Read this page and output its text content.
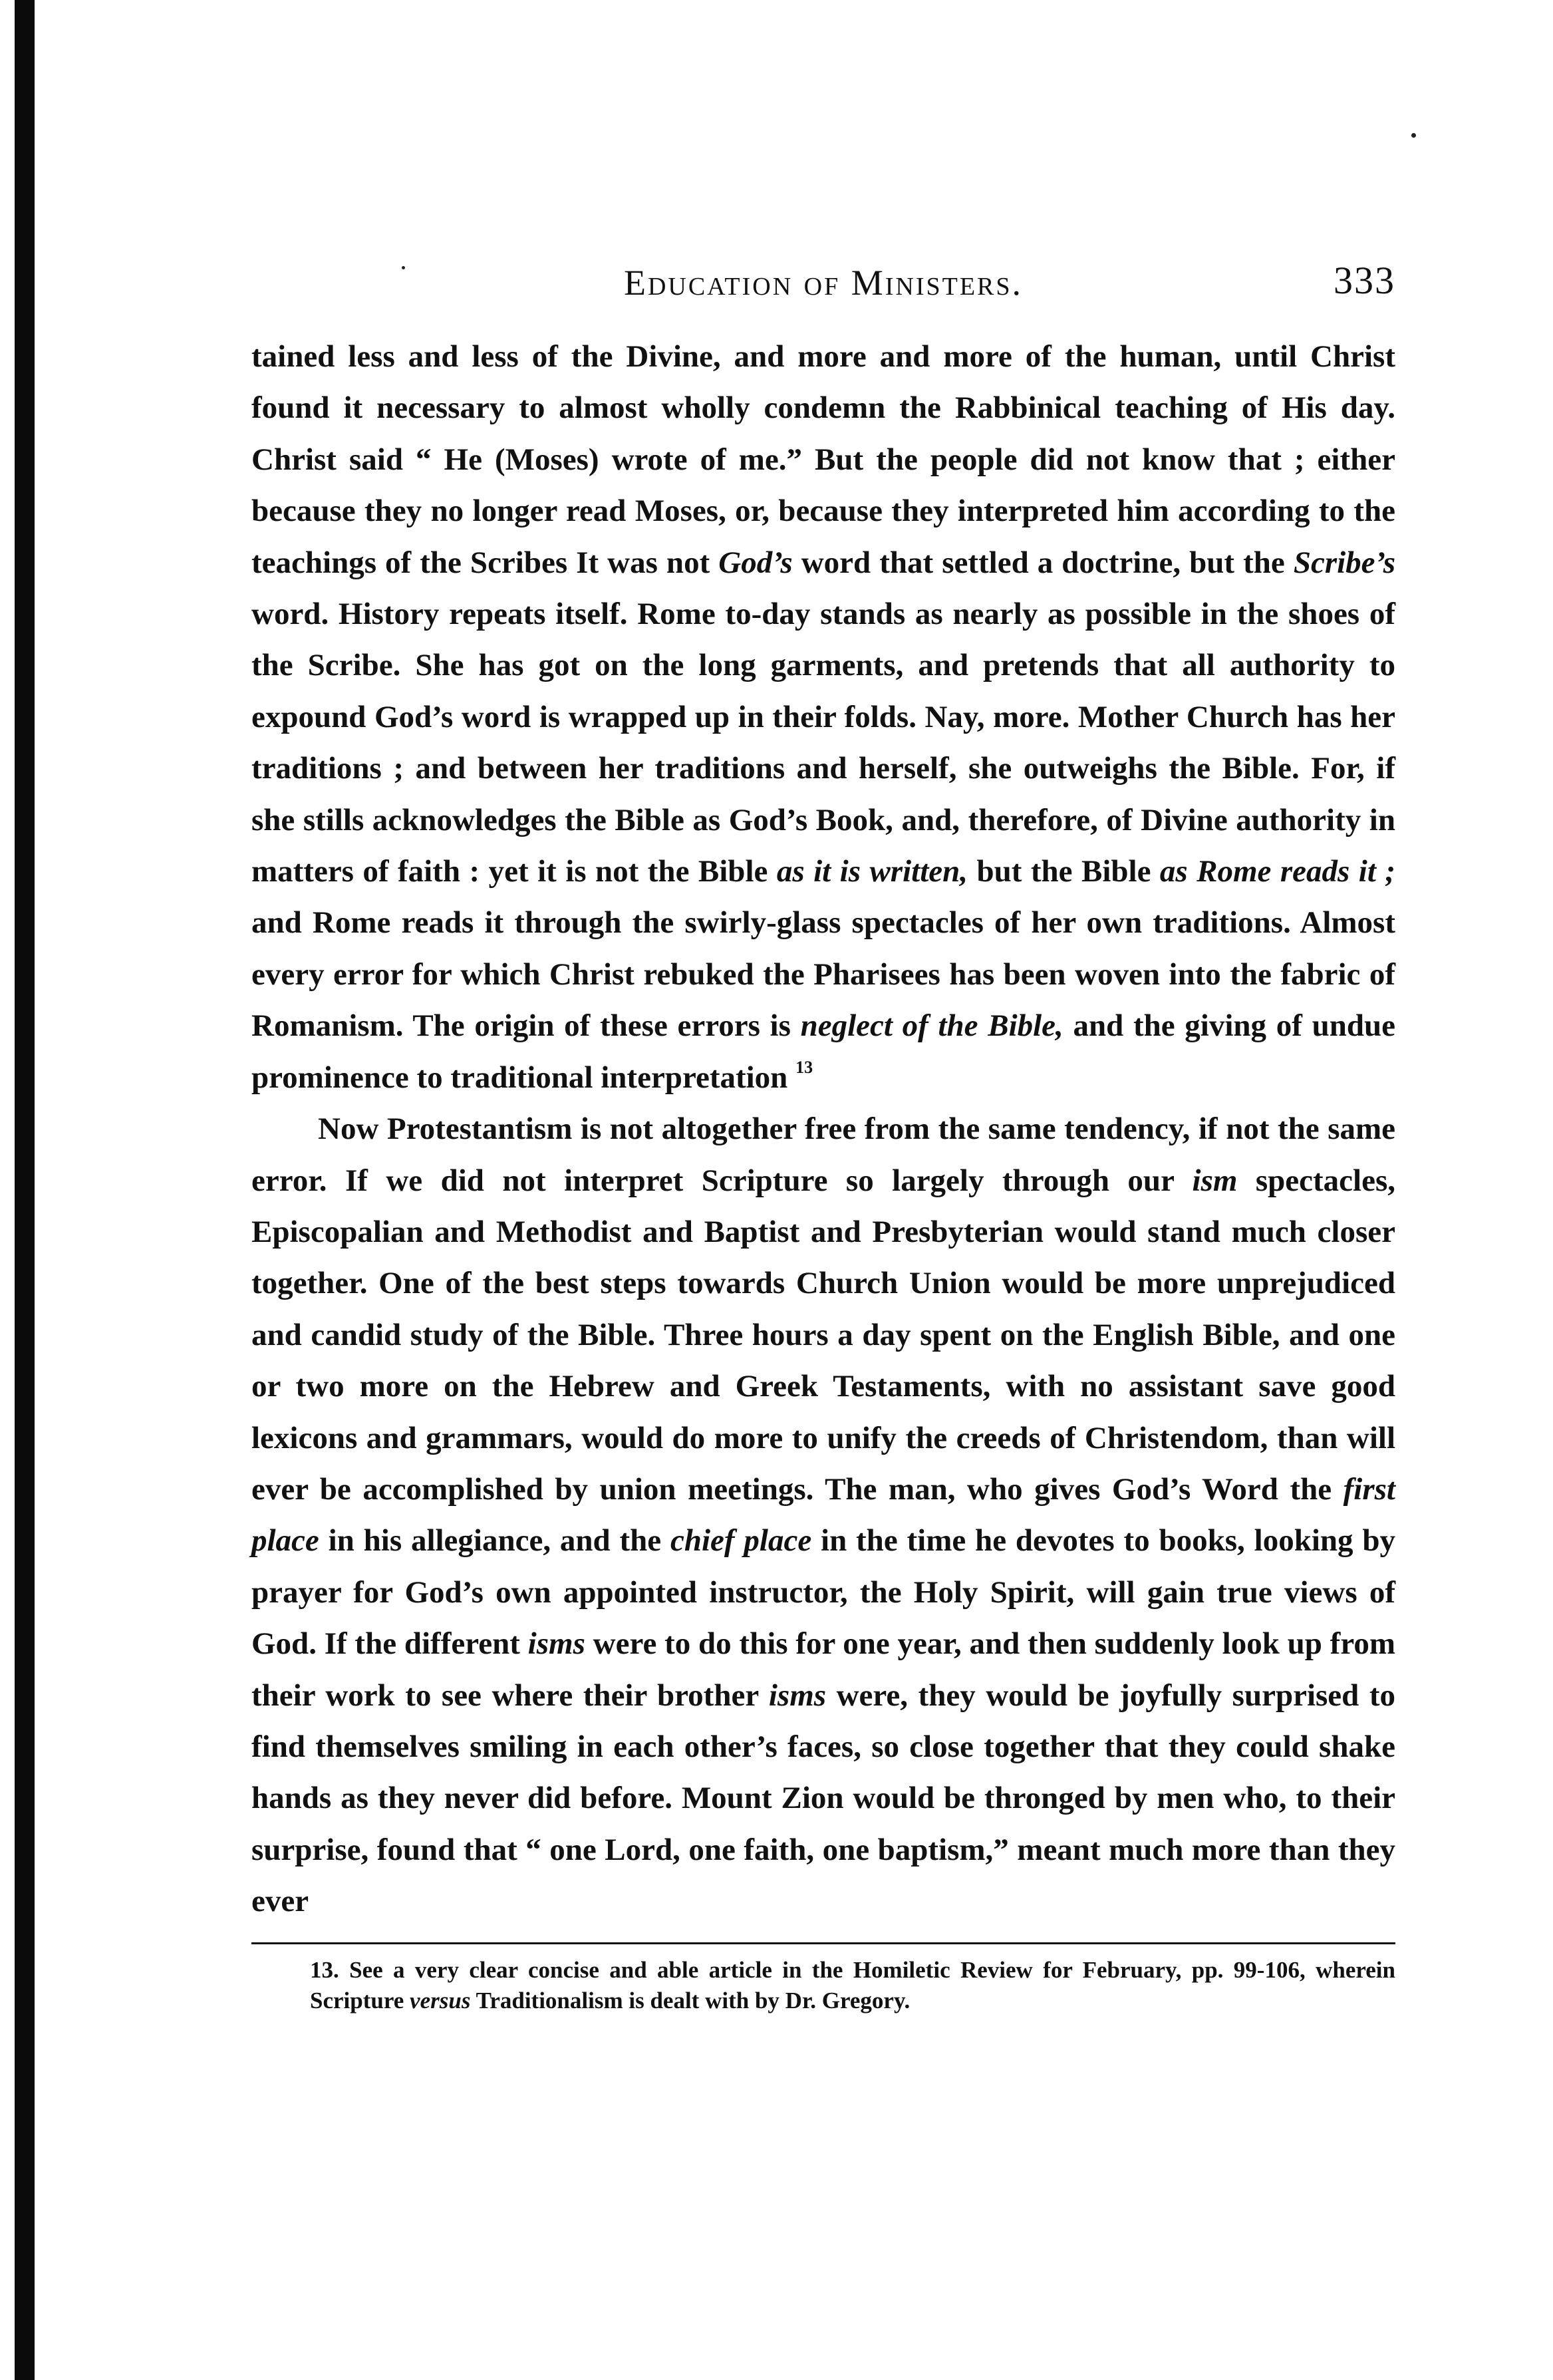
Education of Ministers.	333

tained less and less of the Divine, and more and more of the human, until Christ found it necessary to almost wholly condemn the Rabbinical teaching of His day. Christ said “ He (Moses) wrote of me.” But the people did not know that ; either because they no longer read Moses, or, because they interpreted him according to the teachings of the Scribes It was not God’s word that settled a doctrine, but the Scribe’s word. History repeats itself. Rome to-day stands as nearly as possible in the shoes of the Scribe. She has got on the long garments, and pretends that all authority to expound God’s word is wrapped up in their folds. Nay, more. Mother Church has her traditions ; and between her traditions and herself, she outweighs the Bible. For, if she stills acknowledges the Bible as God’s Book, and, therefore, of Divine authority in matters of faith : yet it is not the Bible as it is written, but the Bible as Rome reads it ; and Rome reads it through the swirly-glass spectacles of her own traditions. Almost every error for which Christ rebuked the Pharisees has been woven into the fabric of Romanism. The origin of these errors is neglect of the Bible, and the giving of undue prominence to traditional interpretation $^{13}$

Now Protestantism is not altogether free from the same tendency, if not the same error. If we did not interpret Scripture so largely through our ism spectacles, Episcopalian and Methodist and Baptist and Presbyterian would stand much closer together. One of the best steps towards Church Union would be more unprejudiced and candid study of the Bible. Three hours a day spent on the English Bible, and one or two more on the Hebrew and Greek Testaments, with no assistant save good lexicons and grammars, would do more to unify the creeds of Christendom, than will ever be accomplished by union meetings. The man, who gives God’s Word the first place in his allegiance, and the chief place in the time he devotes to books, looking by prayer for God’s own appointed instructor, the Holy Spirit, will gain true views of God. If the different isms were to do this for one year, and then suddenly look up from their work to see where their brother isms were, they would be joyfully surprised to find themselves smiling in each other’s faces, so close together that they could shake hands as they never did before. Mount Zion would be thronged by men who, to their surprise, found that “ one Lord, one faith, one baptism,” meant much more than they ever

13. See a very clear concise and able article in the Homiletic Review for February, pp. 99-106, wherein Scripture versus Traditionalism is dealt with by Dr. Gregory.
